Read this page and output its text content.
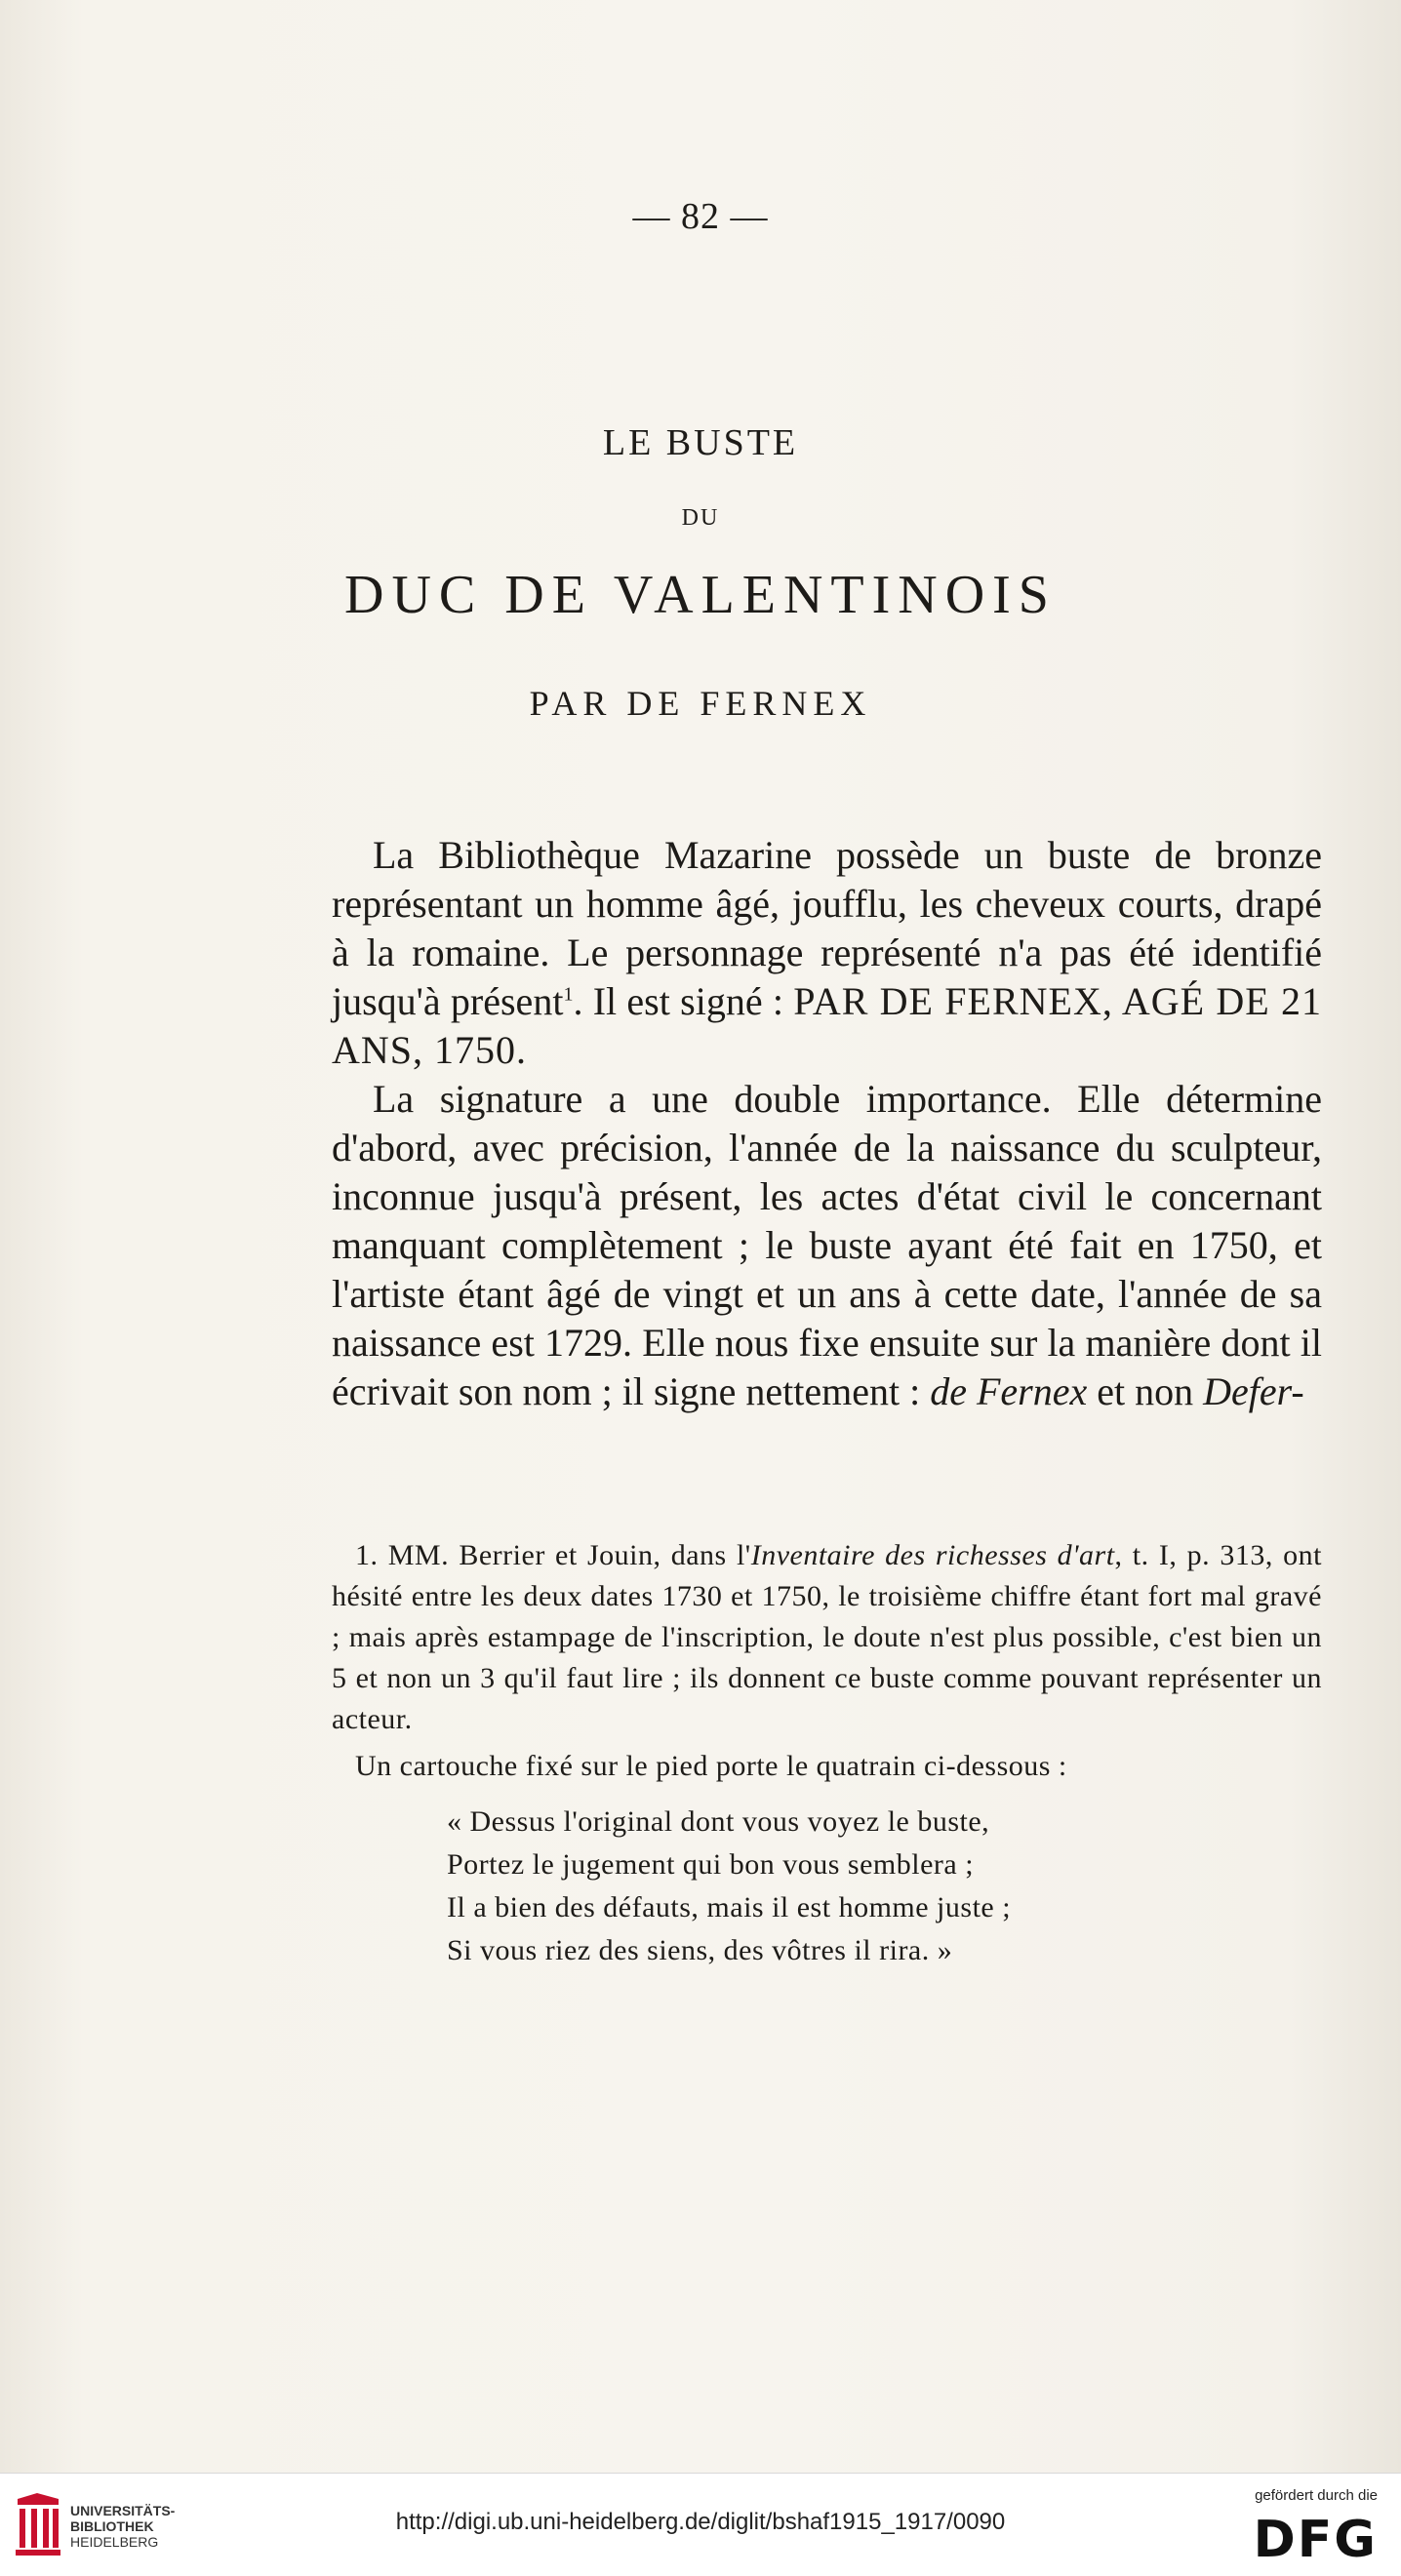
— 82 —
LE BUSTE
DU
DUC DE VALENTINOIS
PAR DE FERNEX

La Bibliothèque Mazarine possède un buste de bronze représentant un homme âgé, joufflu, les cheveux courts, drapé à la romaine. Le personnage représenté n'a pas été identifié jusqu'à présent$^1$. Il est signé : PAR DE FERNEX, AGÉ DE 21 ANS, 1750.

La signature a une double importance. Elle détermine d'abord, avec précision, l'année de la naissance du sculpteur, inconnue jusqu'à présent, les actes d'état civil le concernant manquant complètement ; le buste ayant été fait en 1750, et l'artiste étant âgé de vingt et un ans à cette date, l'année de sa naissance est 1729. Elle nous fixe ensuite sur la manière dont il écrivait son nom ; il signe nettement : de Fernex et non Defer-

1. MM. Berrier et Jouin, dans l'Inventaire des richesses d'art, t. I, p. 313, ont hésité entre les deux dates 1730 et 1750, le troisième chiffre étant fort mal gravé ; mais après estampage de l'inscription, le doute n'est plus possible, c'est bien un 5 et non un 3 qu'il faut lire ; ils donnent ce buste comme pouvant représenter un acteur.

Un cartouche fixé sur le pied porte le quatrain ci-dessous :

« Dessus l'original dont vous voyez le buste,
Portez le jugement qui bon vous semblera ;
Il a bien des défauts, mais il est homme juste ;
Si vous riez des siens, des vôtres il rira. »
UNIVERSITÄTS-
BIBLIOTHEK
HEIDELBERG
http://digi.ub.uni-heidelberg.de/diglit/bshaf1915_1917/0090
gefördert durch die
DFG
